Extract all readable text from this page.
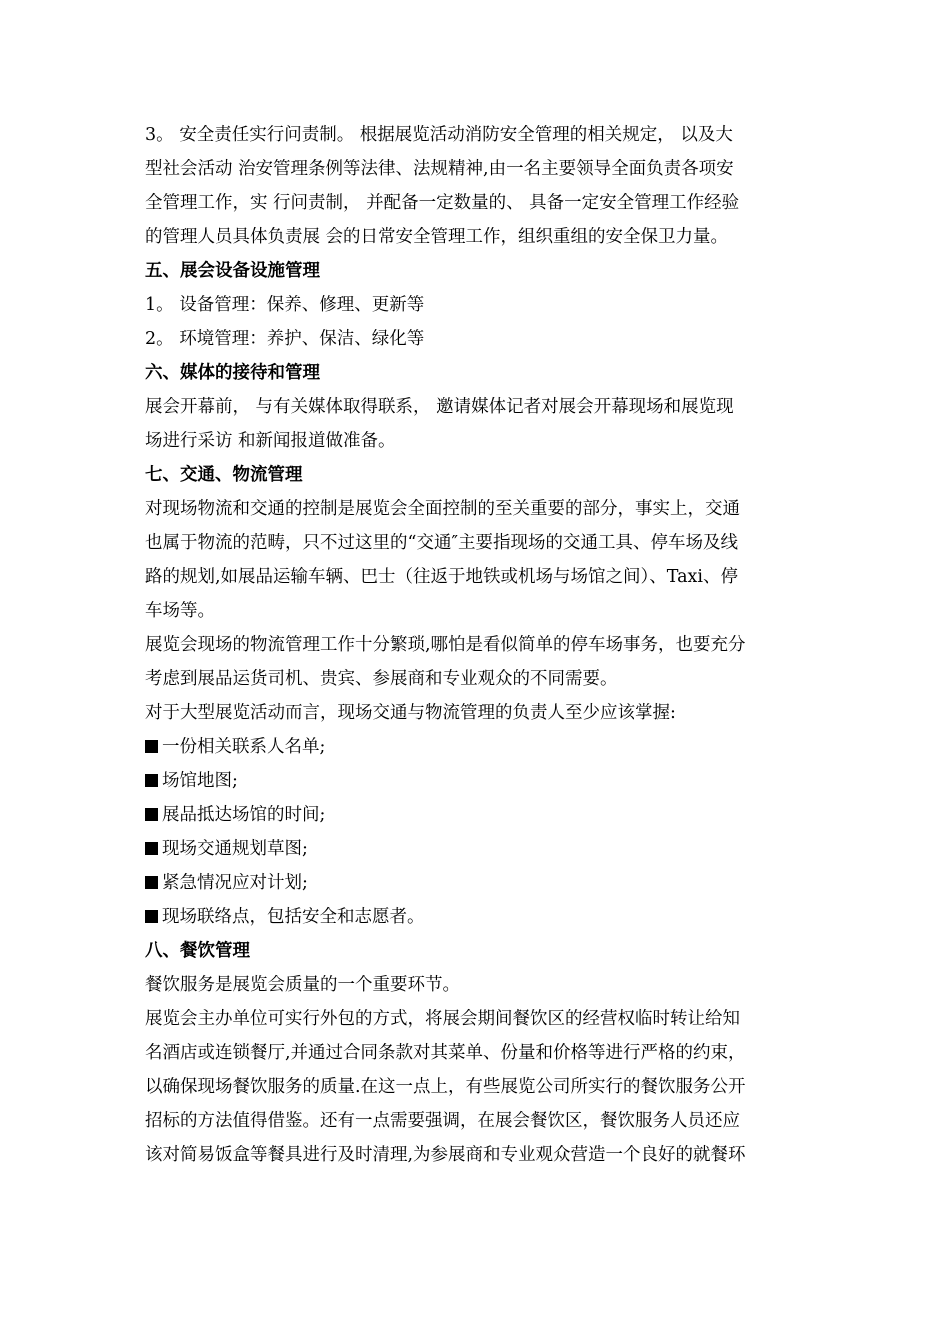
3。 安全责任实行问责制。 根据展览活动消防安全管理的相关规定， 以及大
型社会活动 治安管理条例等法律、法规精神,由一名主要领导全面负责各项安
全管理工作，实 行问责制， 并配备一定数量的、 具备一定安全管理工作经验
的管理人员具体负责展 会的日常安全管理工作，组织重组的安全保卫力量。
五、展会设备设施管理
1。 设备管理：保养、修理、更新等
2。 环境管理：养护、保洁、绿化等
六、媒体的接待和管理
展会开幕前， 与有关媒体取得联系， 邀请媒体记者对展会开幕现场和展览现
场进行采访 和新闻报道做准备。
七、交通、物流管理
对现场物流和交通的控制是展览会全面控制的至关重要的部分，事实上，交通
也属于物流的范畴，只不过这里的“交通″主要指现场的交通工具、停车场及线
路的规划,如展品运输车辆、巴士（往返于地铁或机场与场馆之间）、Taxi、停
车场等。
展览会现场的物流管理工作十分繁琐,哪怕是看似简单的停车场事务，也要充分
考虑到展品运货司机、贵宾、参展商和专业观众的不同需要。
对于大型展览活动而言，现场交通与物流管理的负责人至少应该掌握:
一份相关联系人名单;
场馆地图;
展品抵达场馆的时间;
现场交通规划草图;
紧急情况应对计划;
现场联络点，包括安全和志愿者。
八、餐饮管理
餐饮服务是展览会质量的一个重要环节。
展览会主办单位可实行外包的方式，将展会期间餐饮区的经营权临时转让给知
名酒店或连锁餐厅,并通过合同条款对其菜单、份量和价格等进行严格的约束，
以确保现场餐饮服务的质量.在这一点上，有些展览公司所实行的餐饮服务公开
招标的方法值得借鉴。还有一点需要强调，在展会餐饮区，餐饮服务人员还应
该对简易饭盒等餐具进行及时清理,为参展商和专业观众营造一个良好的就餐环
